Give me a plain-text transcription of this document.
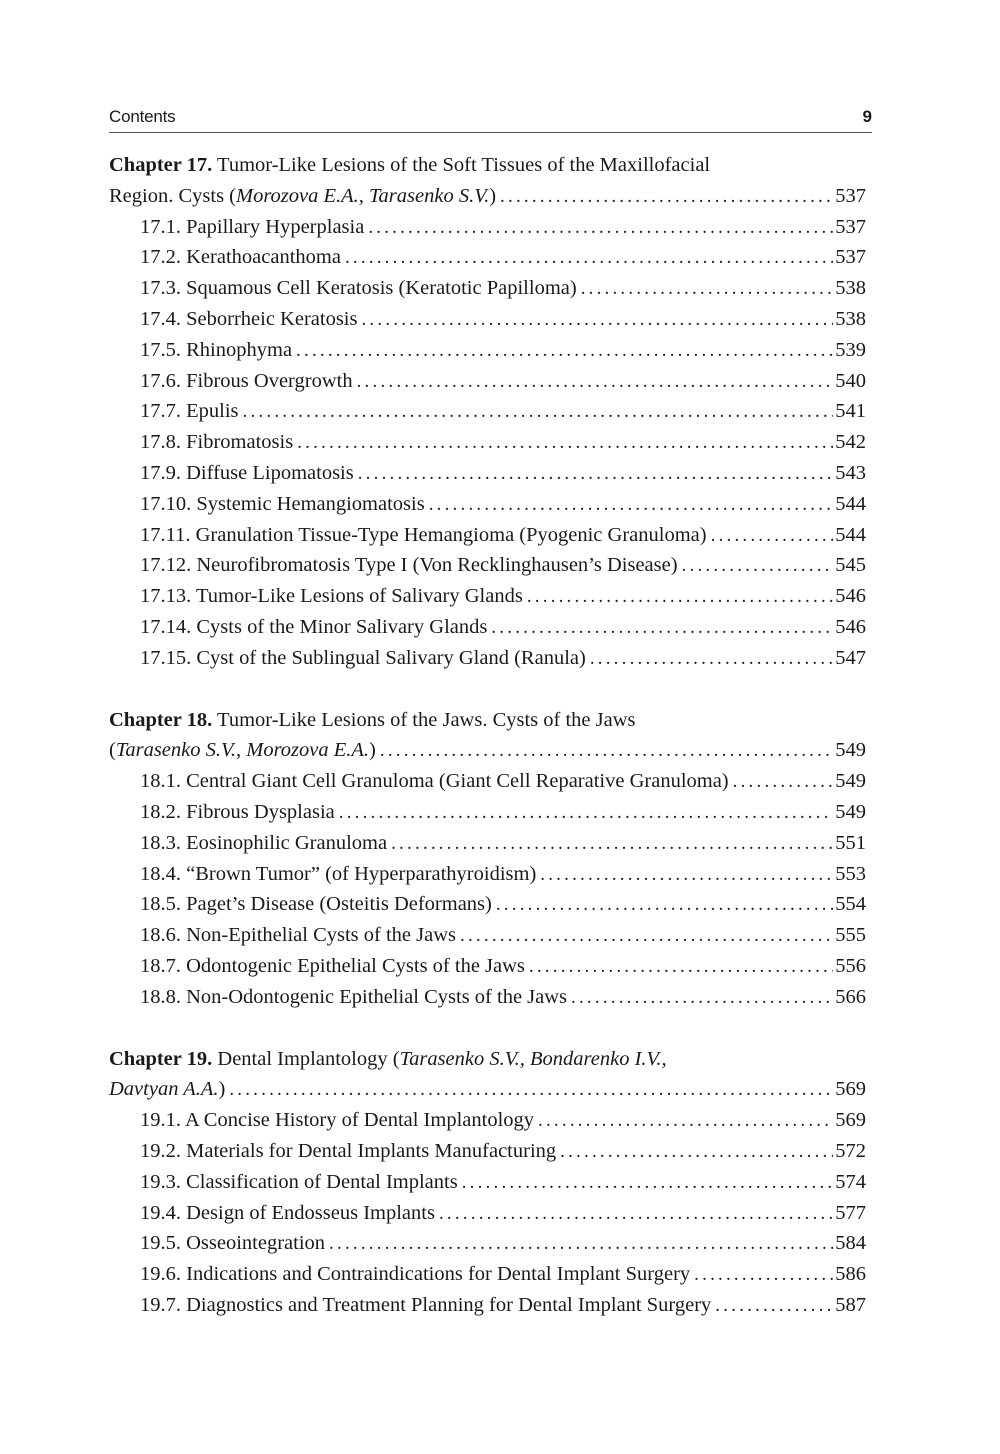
Contents	9
Chapter 17. Tumor-Like Lesions of the Soft Tissues of the Maxillofacial
Region. Cysts (Morozova E.A., Tarasenko S.V.) .....	537
17.1. Papillary Hyperplasia .....	537
17.2. Kerathoacanthoma .....	537
17.3. Squamous Cell Keratosis (Keratotic Papilloma) .....	538
17.4. Seborrheic Keratosis .....	538
17.5. Rhinophyma .....	539
17.6. Fibrous Overgrowth .....	540
17.7. Epulis .....	541
17.8. Fibromatosis .....	542
17.9. Diffuse Lipomatosis .....	543
17.10. Systemic Hemangiomatosis .....	544
17.11. Granulation Tissue-Type Hemangioma (Pyogenic Granuloma) .....	544
17.12. Neurofibromatosis Type I (Von Recklinghausen’s Disease) .....	545
17.13. Tumor-Like Lesions of Salivary Glands .....	546
17.14. Cysts of the Minor Salivary Glands .....	546
17.15. Cyst of the Sublingual Salivary Gland (Ranula) .....	547
Chapter 18. Tumor-Like Lesions of the Jaws. Cysts of the Jaws
(Tarasenko S.V., Morozova E.A.) .....	549
18.1. Central Giant Cell Granuloma (Giant Cell Reparative Granuloma) .....	549
18.2. Fibrous Dysplasia .....	549
18.3. Eosinophilic Granuloma .....	551
18.4. “Brown Tumor” (of Hyperparathyroidism) .....	553
18.5. Paget’s Disease (Osteitis Deformans) .....	554
18.6. Non-Epithelial Cysts of the Jaws .....	555
18.7. Odontogenic Epithelial Cysts of the Jaws .....	556
18.8. Non-Odontogenic Epithelial Cysts of the Jaws .....	566
Chapter 19. Dental Implantology (Tarasenko S.V., Bondarenko I.V.,
Davtyan A.A.) .....	569
19.1. A Concise History of Dental Implantology .....	569
19.2. Materials for Dental Implants Manufacturing .....	572
19.3. Classification of Dental Implants .....	574
19.4. Design of Endosseus Implants .....	577
19.5. Osseointegration .....	584
19.6. Indications and Contraindications for Dental Implant Surgery .....	586
19.7. Diagnostics and Treatment Planning for Dental Implant Surgery .....	587
